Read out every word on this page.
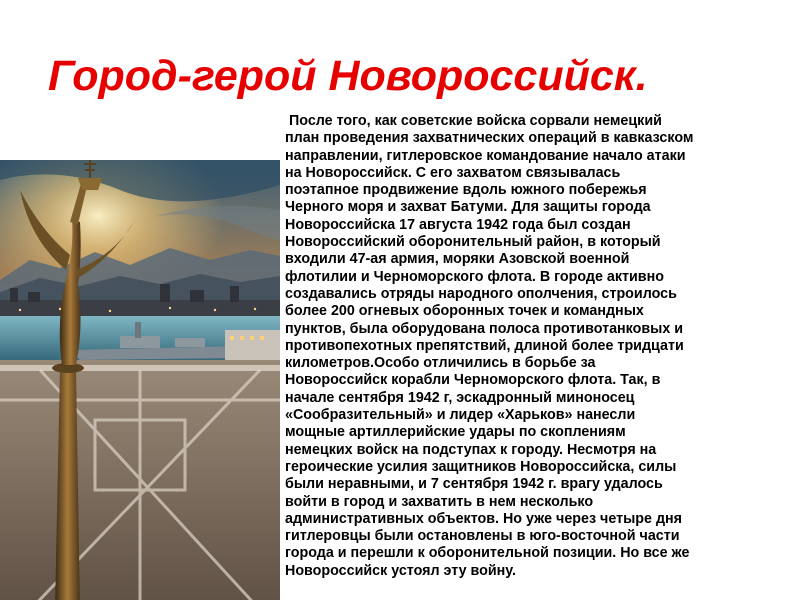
Город-герой Новороссийск.

После того, как советские войска сорвали немецкий
план проведения захватнических операций в кавказском
направлении, гитлеровское командование начало атаки
на Новороссийск. С его захватом связывалась
поэтапное продвижение вдоль южного побережья
Черного моря и захват Батуми. Для защиты города
Новороссийска 17 августа 1942 года был создан
Новороссийский оборонительный район, в который
входили 47-ая армия, моряки Азовской военной
флотилии и Черноморского флота. В городе активно
создавались отряды народного ополчения, строилось
более 200 огневых оборонных точек и командных
пунктов, была оборудована полоса противотанковых и
противопехотных препятствий, длиной более тридцати
километров.Особо отличились в борьбе за
Новороссийск корабли Черноморского флота. Так, в
начале сентября 1942 г, эскадронный миноносец
«Сообразительный» и лидер «Харьков» нанесли
мощные артиллерийские удары по скоплениям
немецких войск на подступах к городу. Несмотря на
героические усилия защитников Новороссийска, силы
были неравными, и 7 сентября 1942 г. врагу удалось
войти в город и захватить в нем несколько
административных объектов. Но уже через четыре дня
гитлеровцы были остановлены в юго-восточной части
города и перешли к оборонительной позиции. Но все же
Новороссийск устоял эту войну.
